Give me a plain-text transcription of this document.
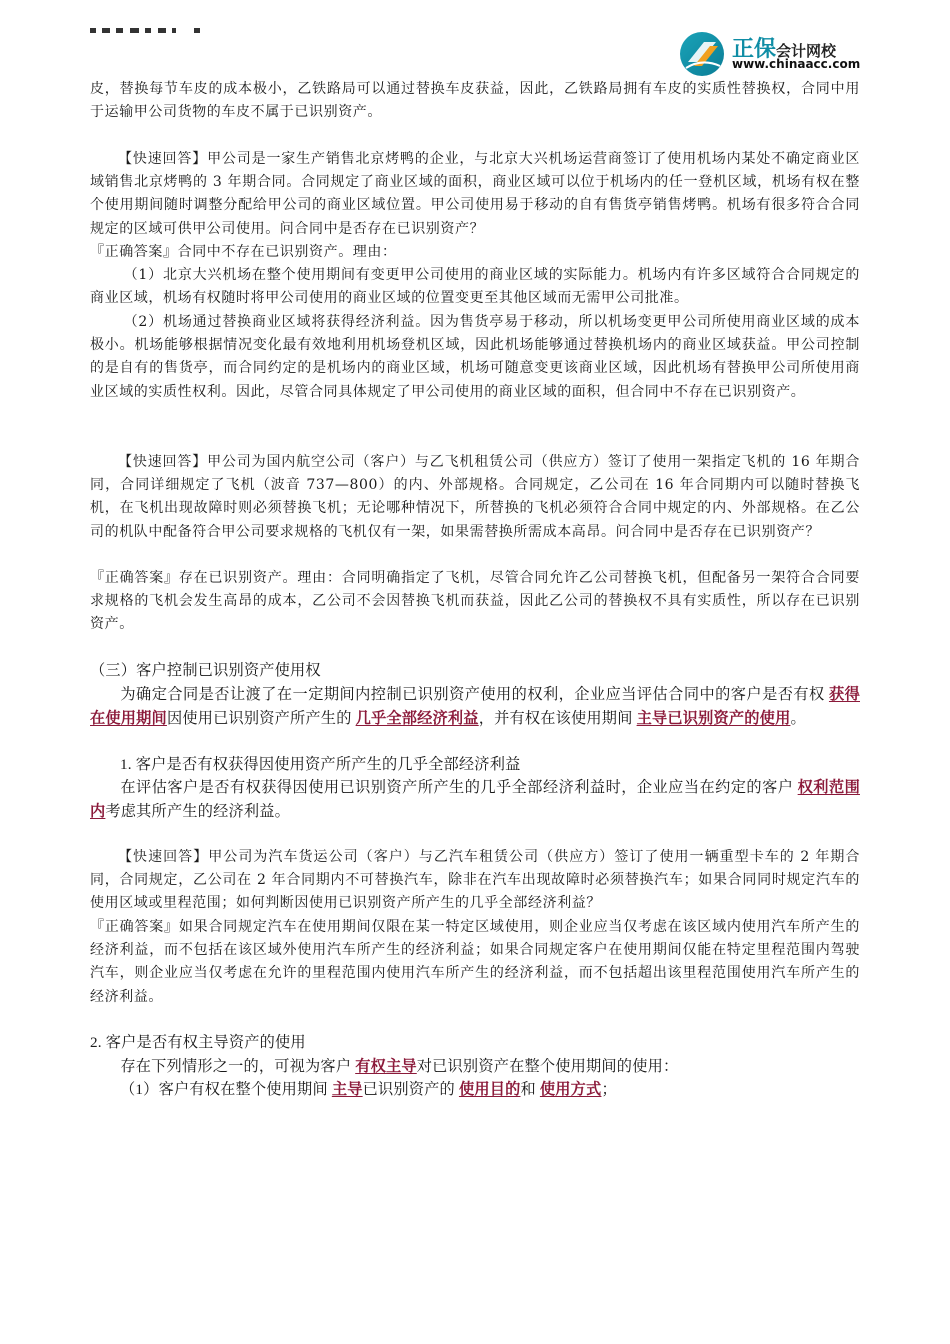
正保会计网校
www.chinaacc.com

皮，替换每节车皮的成本极小，乙铁路局可以通过替换车皮获益，因此，乙铁路局拥有车皮的实质性替换权，合同中用于运输甲公司货物的车皮不属于已识别资产。

【快速回答】甲公司是一家生产销售北京烤鸭的企业，与北京大兴机场运营商签订了使用机场内某处不确定商业区域销售北京烤鸭的 3 年期合同。合同规定了商业区域的面积，商业区域可以位于机场内的任一登机区域，机场有权在整个使用期间随时调整分配给甲公司的商业区域位置。甲公司使用易于移动的自有售货亭销售烤鸭。机场有很多符合合同规定的区域可供甲公司使用。问合同中是否存在已识别资产？

『正确答案』合同中不存在已识别资产。理由：

（1）北京大兴机场在整个使用期间有变更甲公司使用的商业区域的实际能力。机场内有许多区域符合合同规定的商业区域，机场有权随时将甲公司使用的商业区域的位置变更至其他区域而无需甲公司批准。

（2）机场通过替换商业区域将获得经济利益。因为售货亭易于移动，所以机场变更甲公司所使用商业区域的成本极小。机场能够根据情况变化最有效地利用机场登机区域，因此机场能够通过替换机场内的商业区域获益。甲公司控制的是自有的售货亭，而合同约定的是机场内的商业区域，机场可随意变更该商业区域，因此机场有替换甲公司所使用商业区域的实质性权利。因此，尽管合同具体规定了甲公司使用的商业区域的面积，但合同中不存在已识别资产。

【快速回答】甲公司为国内航空公司（客户）与乙飞机租赁公司（供应方）签订了使用一架指定飞机的 16 年期合同，合同详细规定了飞机（波音 737—800）的内、外部规格。合同规定，乙公司在 16 年合同期内可以随时替换飞机，在飞机出现故障时则必须替换飞机；无论哪种情况下，所替换的飞机必须符合合同中规定的内、外部规格。在乙公司的机队中配备符合甲公司要求规格的飞机仅有一架，如果需替换所需成本高昂。问合同中是否存在已识别资产？

『正确答案』存在已识别资产。理由：合同明确指定了飞机，尽管合同允许乙公司替换飞机，但配备另一架符合合同要求规格的飞机会发生高昂的成本，乙公司不会因替换飞机而获益，因此乙公司的替换权不具有实质性，所以存在已识别资产。

（三）客户控制已识别资产使用权

为确定合同是否让渡了在一定期间内控制已识别资产使用的权利，企业应当评估合同中的客户是否有权 获得在使用期间因使用已识别资产所产生的 几乎全部经济利益，并有权在该使用期间 主导已识别资产的使用。

1. 客户是否有权获得因使用资产所产生的几乎全部经济利益

在评估客户是否有权获得因使用已识别资产所产生的几乎全部经济利益时，企业应当在约定的客户 权利范围内考虑其所产生的经济利益。

【快速回答】甲公司为汽车货运公司（客户）与乙汽车租赁公司（供应方）签订了使用一辆重型卡车的 2 年期合同，合同规定，乙公司在 2 年合同期内不可替换汽车，除非在汽车出现故障时必须替换汽车；如果合同同时规定汽车的使用区域或里程范围；如何判断因使用已识别资产所产生的几乎全部经济利益？

『正确答案』如果合同规定汽车在使用期间仅限在某一特定区域使用，则企业应当仅考虑在该区域内使用汽车所产生的经济利益，而不包括在该区域外使用汽车所产生的经济利益；如果合同规定客户在使用期间仅能在特定里程范围内驾驶汽车，则企业应当仅考虑在允许的里程范围内使用汽车所产生的经济利益，而不包括超出该里程范围使用汽车所产生的经济利益。

2. 客户是否有权主导资产的使用

存在下列情形之一的，可视为客户 有权主导对已识别资产在整个使用期间的使用：

（1）客户有权在整个使用期间 主导已识别资产的 使用目的和 使用方式；
